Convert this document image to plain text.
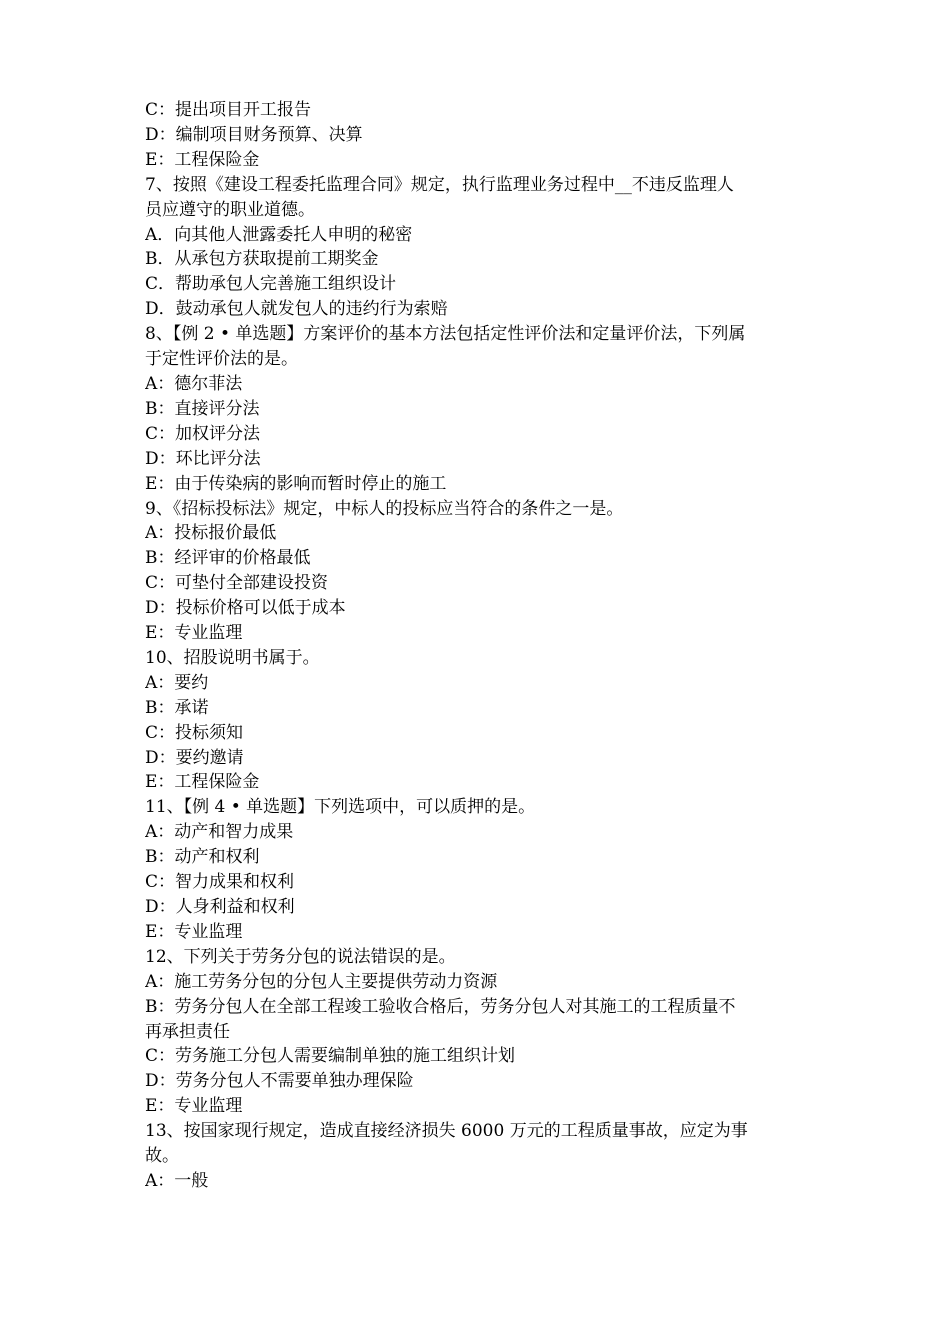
C：提出项目开工报告
D：编制项目财务预算、决算
E：工程保险金
7、按照《建设工程委托监理合同》规定，执行监理业务过程中__不违反监理人
员应遵守的职业道德。
A．向其他人泄露委托人申明的秘密
B．从承包方获取提前工期奖金
C．帮助承包人完善施工组织设计
D．鼓动承包人就发包人的违约行为索赔
8、【例 2 • 单选题】方案评价的基本方法包括定性评价法和定量评价法，下列属
于定性评价法的是。
A：德尔菲法
B：直接评分法
C：加权评分法
D：环比评分法
E：由于传染病的影响而暂时停止的施工
9、《招标投标法》规定，中标人的投标应当符合的条件之一是。
A：投标报价最低
B：经评审的价格最低
C：可垫付全部建设投资
D：投标价格可以低于成本
E：专业监理
10、招股说明书属于。
A：要约
B：承诺
C：投标须知
D：要约邀请
E：工程保险金
11、【例 4 • 单选题】下列选项中，可以质押的是。
A：动产和智力成果
B：动产和权利
C：智力成果和权利
D：人身利益和权利
E：专业监理
12、下列关于劳务分包的说法错误的是。
A：施工劳务分包的分包人主要提供劳动力资源
B：劳务分包人在全部工程竣工验收合格后，劳务分包人对其施工的工程质量不
再承担责任
C：劳务施工分包人需要编制单独的施工组织计划
D：劳务分包人不需要单独办理保险
E：专业监理
13、按国家现行规定，造成直接经济损失 6000 万元的工程质量事故，应定为事
故。
A：一般
